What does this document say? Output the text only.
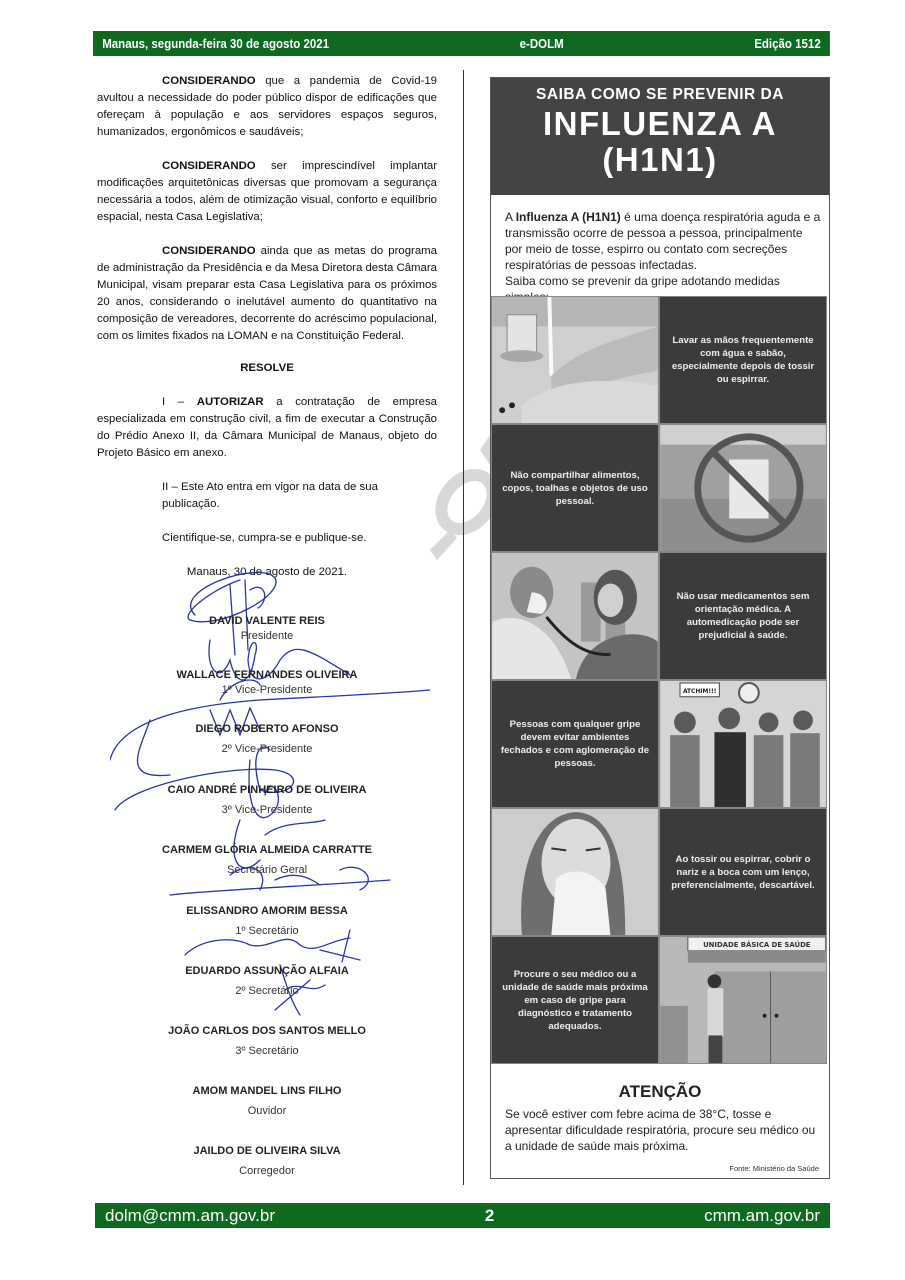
Manaus, segunda-feira 30 de agosto 2021	e-DOLM	Edição 1512

CONSIDERANDO que a pandemia de Covid-19 avultou a necessidade do poder público dispor de edificações que ofereçam à população e aos servidores espaços seguros, humanizados, ergonômicos e saudáveis;

CONSIDERANDO ser imprescindível implantar modificações arquitetônicas diversas que promovam a segurança necessária a todos, além de otimização visual, conforto e equilíbrio espacial, nesta Casa Legislativa;

CONSIDERANDO ainda que as metas do programa de administração da Presidência e da Mesa Diretora desta Câmara Municipal, visam preparar esta Casa Legislativa para os próximos 20 anos, considerando o inelutável aumento do quantitativo na composição de vereadores, decorrente do acréscimo populacional, com os limites fixados na LOMAN e na Constituição Federal.

RESOLVE

I – AUTORIZAR a contratação de empresa especializada em construção civil, a fim de executar a Construção do Prédio Anexo II, da Câmara Municipal de Manaus, objeto do Projeto Básico em anexo.

II – Este Ato entra em vigor na data de sua publicação.

Cientifique-se, cumpra-se e publique-se.

Manaus, 30 de agosto de 2021.

DAVID VALENTE REIS
Presidente
WALLACE FERNANDES OLIVEIRA
1º Vice-Presidente
DIEGO ROBERTO AFONSO
2º Vice-Presidente
CAIO ANDRÉ PINHEIRO DE OLIVEIRA
3º Vice-Presidente
CARMEM GLÓRIA ALMEIDA CARRATTE
Secretário Geral
ELISSANDRO AMORIM BESSA
1º Secretário
EDUARDO ASSUNÇÃO ALFAIA
2º Secretário
JOÃO CARLOS DOS SANTOS MELLO
3º Secretário
AMOM MANDEL LINS FILHO
Ouvidor
JAILDO DE OLIVEIRA SILVA
Corregedor
SAIBA COMO SE PREVENIR DA
INFLUENZA A
(H1N1)
A Influenza A (H1N1) é uma doença respiratória aguda e a transmissão ocorre de pessoa a pessoa, principalmente por meio de tosse, espirro ou contato com secreções respiratórias de pessoas infectadas.
Saiba como se prevenir da gripe adotando medidas
Lavar as mãos frequentemente com água e sabão, especialmente depois de tossir ou espirrar.
Não compartilhar alimentos, copos, toalhas e objetos de uso pessoal.
Não usar medicamentos sem orientação médica. A automedicação pode ser prejudicial à saúde.
Pessoas com qualquer gripe devem evitar ambientes fechados e com aglomeração de pessoas.
ATCHIM!!!
Ao tossir ou espirrar, cobrir o nariz e a boca com um lenço, preferencialmente, descartável.
Procure o seu médico ou a unidade de saúde mais próxima em caso de gripe para diagnóstico e tratamento adequados.
UNIDADE BÁSICA DE SAÚDE
ATENÇÃO
Se você estiver com febre acima de 38°C, tosse e apresentar dificuldade respiratória, procure seu médico ou a unidade de saúde mais próxima.
Fonte: Ministério da Saúde
dolm@cmm.am.gov.br	2	cmm.am.gov.br
